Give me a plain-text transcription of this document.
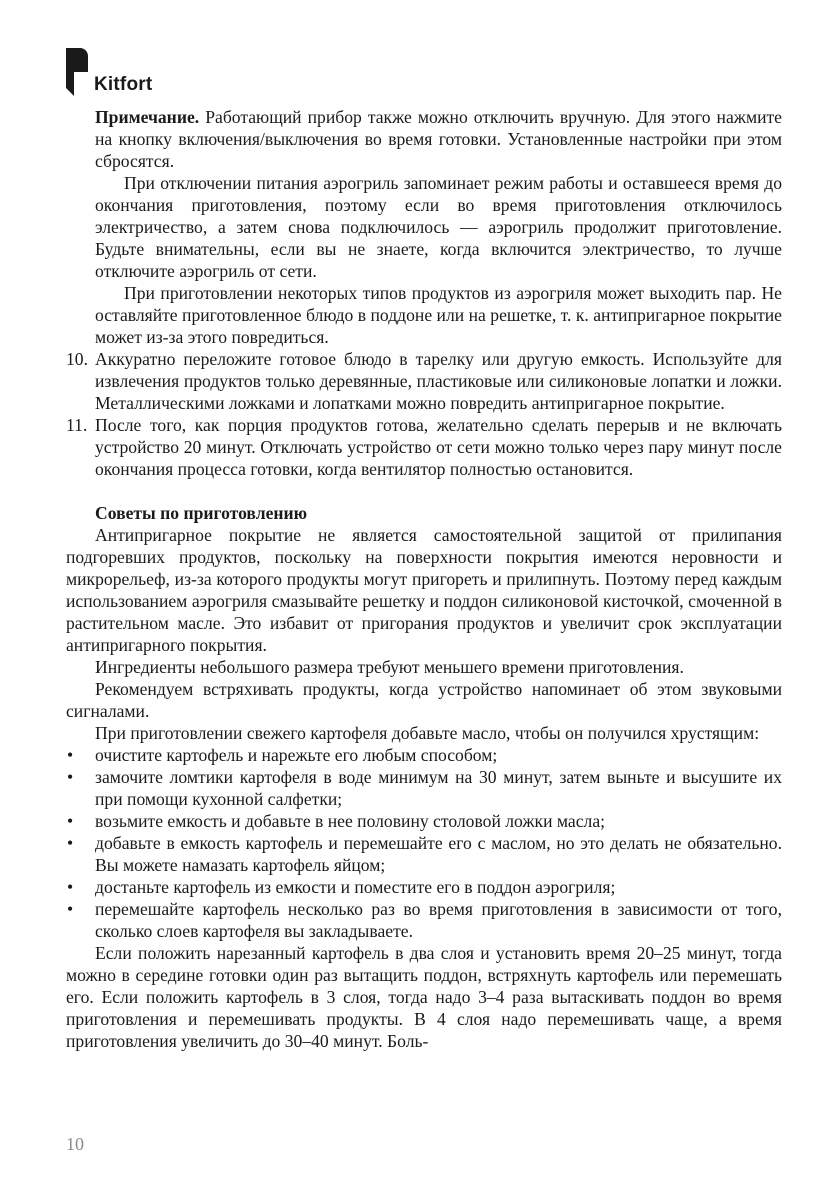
Kitfort

Примечание. Работающий прибор также можно отключить вручную. Для этого нажмите на кнопку включения/выключения во время готовки. Установленные настройки при этом сбросятся.

При отключении питания аэрогриль запоминает режим работы и оставшееся время до окончания приготовления, поэтому если во время приготовления отключилось электричество, а затем снова подключилось — аэрогриль продолжит приготовление. Будьте внимательны, если вы не знаете, когда включится электричество, то лучше отключите аэрогриль от сети.

При приготовлении некоторых типов продуктов из аэрогриля может выходить пар. Не оставляйте приготовленное блюдо в поддоне или на решетке, т. к. антипригарное покрытие может из-за этого повредиться.

10. Аккуратно переложите готовое блюдо в тарелку или другую емкость. Используйте для извлечения продуктов только деревянные, пластиковые или силиконовые лопатки и ложки. Металлическими ложками и лопатками можно повредить антипригарное покрытие.
11. После того, как порция продуктов готова, желательно сделать перерыв и не включать устройство 20 минут. Отключать устройство от сети можно только через пару минут после окончания процесса готовки, когда вентилятор полностью остановится.

Советы по приготовлению

Антипригарное покрытие не является самостоятельной защитой от прилипания подгоревших продуктов, поскольку на поверхности покрытия имеются неровности и микрорельеф, из-за которого продукты могут пригореть и прилипнуть. Поэтому перед каждым использованием аэрогриля смазывайте решетку и поддон силиконовой кисточкой, смоченной в растительном масле. Это избавит от пригорания продуктов и увеличит срок эксплуатации антипригарного покрытия.

Ингредиенты небольшого размера требуют меньшего времени приготовления.

Рекомендуем встряхивать продукты, когда устройство напоминает об этом звуковыми сигналами.

При приготовлении свежего картофеля добавьте масло, чтобы он получился хрустящим:

•	очистите картофель и нарежьте его любым способом;
•	замочите ломтики картофеля в воде минимум на 30 минут, затем выньте и высушите их при помощи кухонной салфетки;
•	возьмите емкость и добавьте в нее половину столовой ложки масла;
•	добавьте в емкость картофель и перемешайте его с маслом, но это делать не обязательно. Вы можете намазать картофель яйцом;
•	достаньте картофель из емкости и поместите его в поддон аэрогриля;
•	перемешайте картофель несколько раз во время приготовления в зависимости от того, сколько слоев картофеля вы закладываете.

Если положить нарезанный картофель в два слоя и установить время 20–25 минут, тогда можно в середине готовки один раз вытащить поддон, встряхнуть картофель или перемешать его. Если положить картофель в 3 слоя, тогда надо 3–4 раза вытаскивать поддон во время приготовления и перемешивать продукты. В 4 слоя надо перемешивать чаще, а время приготовления увеличить до 30–40 минут. Боль-

10
